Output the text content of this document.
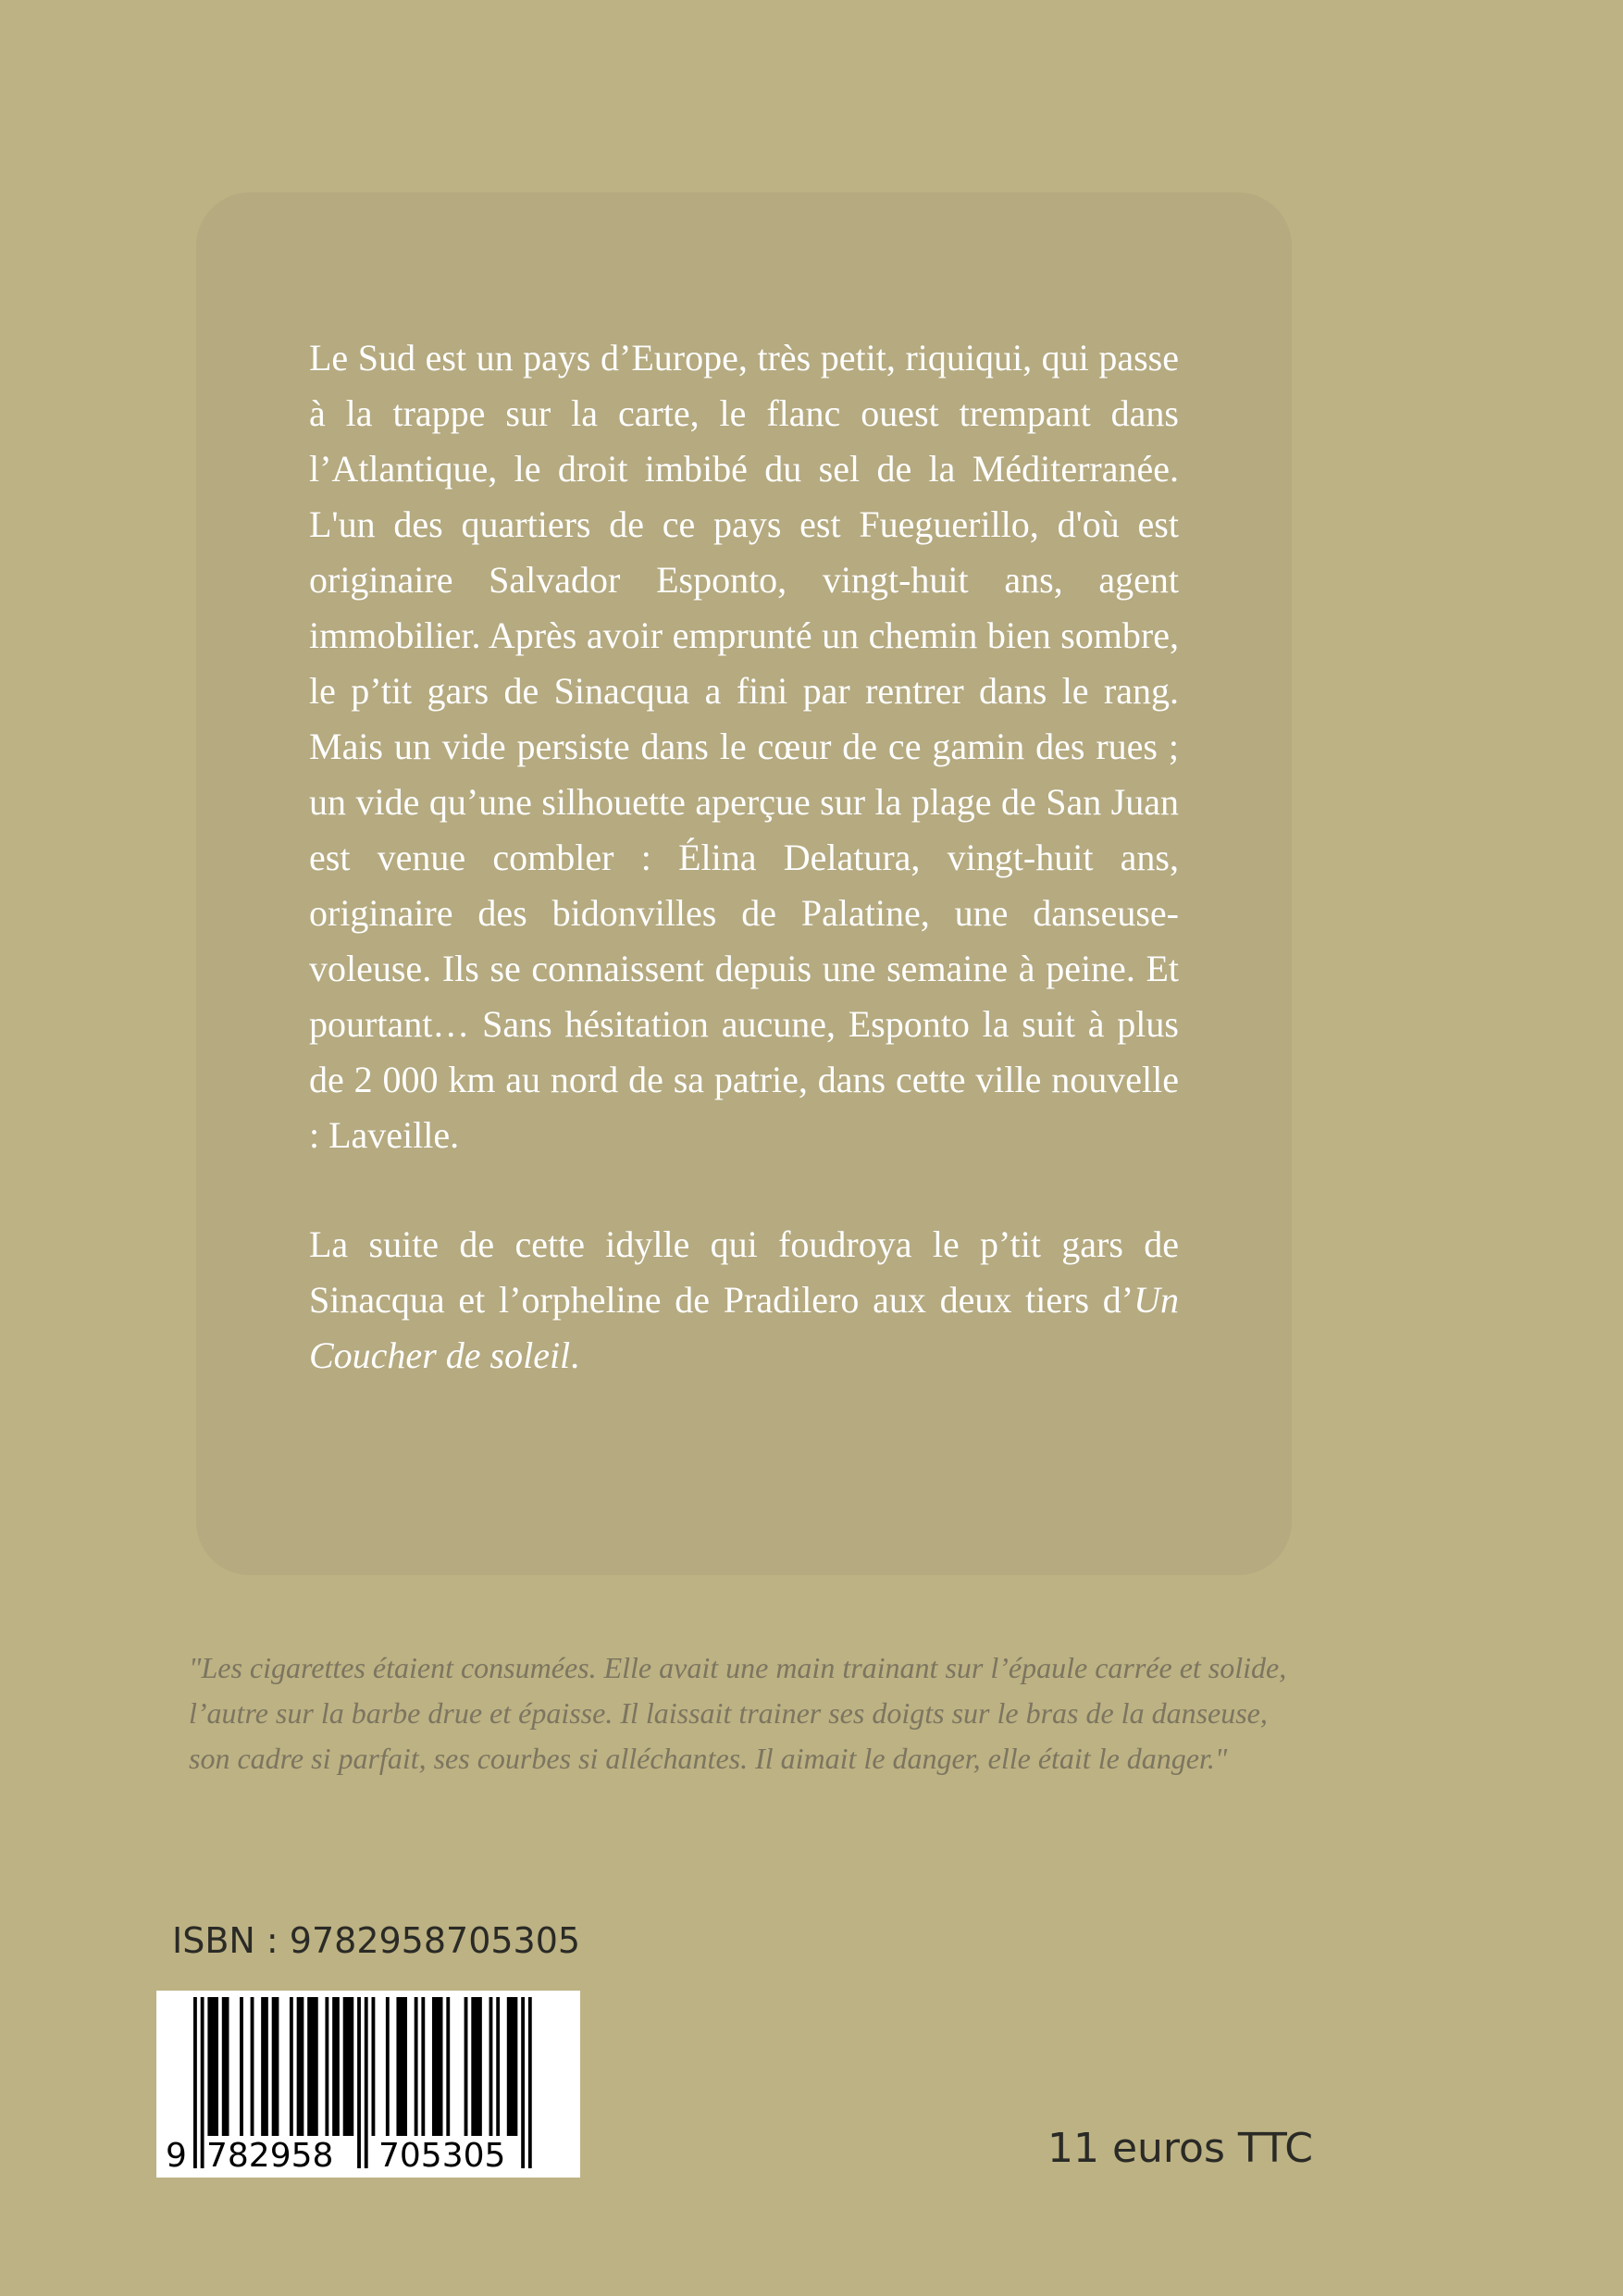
Le Sud est un pays d’Europe, très petit, riquiqui, qui passe à la trappe sur la carte, le flanc ouest trempant dans l’Atlantique, le droit imbibé du sel de la Méditerranée. L'un des quartiers de ce pays est Fueguerillo, d'où est originaire Salvador Esponto, vingt-huit ans, agent immobilier. Après avoir emprunté un chemin bien sombre, le p’tit gars de Sinacqua a fini par rentrer dans le rang. Mais un vide persiste dans le cœur de ce gamin des rues ; un vide qu’une silhouette aperçue sur la plage de San Juan est venue combler : Élina Delatura, vingt-huit ans, originaire des bidonvilles de Palatine, une danseuse-voleuse. Ils se connaissent depuis une semaine à peine. Et pourtant… Sans hésitation aucune, Esponto la suit à plus de 2 000 km au nord de sa patrie, dans cette ville nouvelle : Laveille.

La suite de cette idylle qui foudroya le p’tit gars de Sinacqua et l’orpheline de Pradilero aux deux tiers d’Un Coucher de soleil.

"Les cigarettes étaient consumées. Elle avait une main trainant sur l’épaule carrée et solide, l’autre sur la barbe drue et épaisse. Il laissait trainer ses doigts sur le bras de la danseuse, son cadre si parfait, ses courbes si alléchantes. Il aimait le danger, elle était le danger."

ISBN : 9782958705305
9 782958 705305	11 euros TTC
